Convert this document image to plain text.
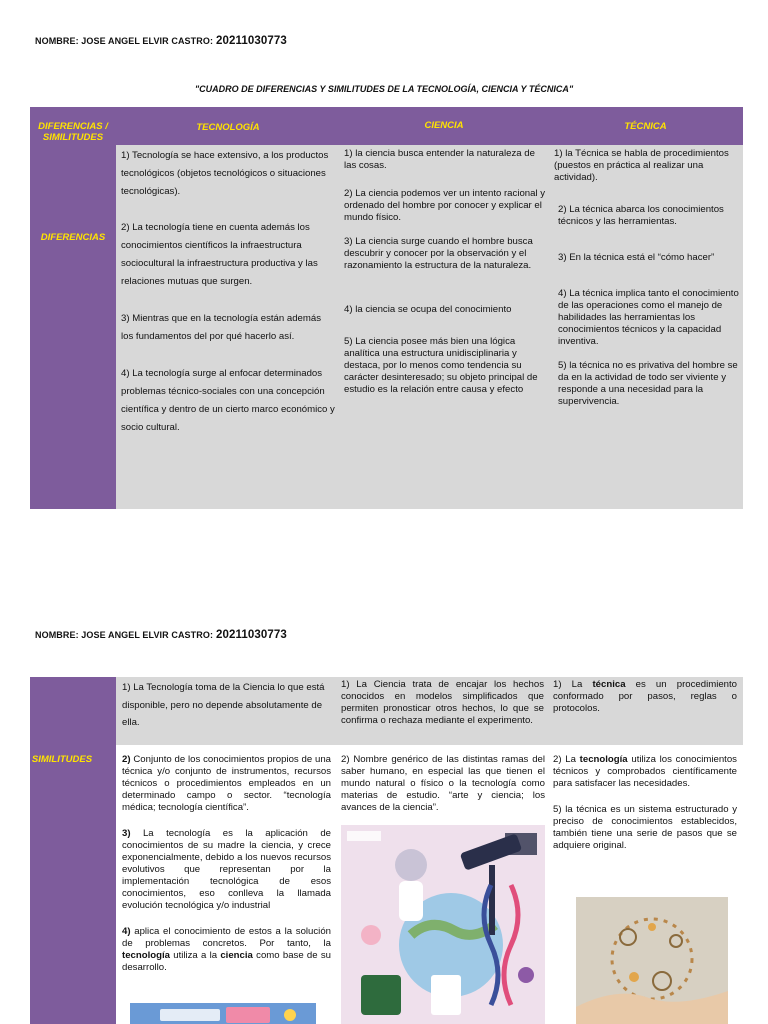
NOMBRE: JOSE ANGEL ELVIR CASTRO: 20211030773
"CUADRO DE DIFERENCIAS Y SIMILITUDES DE LA TECNOLOGÍA, CIENCIA Y TÉCNICA"
DIFERENCIAS / SIMILITUDES
TECNOLOGÍA	CIENCIA	TÉCNICA
DIFERENCIAS

1) Tecnología se hace extensivo, a los productos tecnológicos (objetos tecnológicos o situaciones tecnológicas).

2) La tecnología tiene en cuenta además los conocimientos científicos la infraestructura sociocultural la infraestructura productiva y las relaciones mutuas que surgen.

3) Mientras que en la tecnología están además los fundamentos del por qué hacerlo así.

4) La tecnología surge al enfocar determinados problemas técnico-sociales con una concepción científica y dentro de un cierto marco económico y socio cultural.

1) la ciencia busca entender la naturaleza de las cosas.

2) La ciencia podemos ver un intento racional y ordenado del hombre por conocer y explicar el mundo físico.

3) La ciencia surge cuando el hombre busca descubrir y conocer por la observación y el razonamiento la estructura de la naturaleza.

4) la ciencia se ocupa del conocimiento

5) La ciencia posee más bien una lógica analítica una estructura unidisciplinaria y destaca, por lo menos como tendencia su carácter desinteresado; su objeto principal de estudio es la relación entre causa y efecto

1) la Técnica se habla de procedimientos (puestos en práctica al realizar una actividad).

2) La técnica abarca los conocimientos técnicos y las herramientas.

3) En la técnica está el “cómo hacer”

4) La técnica implica tanto el conocimiento de las operaciones como el manejo de habilidades las herramientas los conocimientos técnicos y la capacidad inventiva.

5) la técnica no es privativa del hombre se da en la actividad de todo ser viviente y responde a una necesidad para la supervivencia.

NOMBRE: JOSE ANGEL ELVIR CASTRO: 20211030773
SIMILITUDES

1) La Tecnología toma de la Ciencia lo que está disponible, pero no depende absolutamente de ella.

1) La Ciencia trata de encajar los hechos conocidos en modelos simplificados que permiten pronosticar otros hechos, lo que se confirma o rechaza mediante el experimento.

1) La técnica es un procedimiento conformado por pasos, reglas o protocolos.

2) Conjunto de los conocimientos propios de una técnica y/o conjunto de instrumentos, recursos técnicos o procedimientos empleados en un determinado campo o sector. “tecnología médica; tecnología científica”.

3) La tecnología es la aplicación de conocimientos de su madre la ciencia, y crece exponencialmente, debido a los nuevos recursos evolutivos que representan por la implementación tecnológica de esos conocimientos, eso conlleva la llamada evolución tecnológica y/o industrial

4) aplica el conocimiento de estos a la solución de problemas concretos. Por tanto, la tecnología utiliza a la ciencia como base de su desarrollo.

2) Nombre genérico de las distintas ramas del saber humano, en especial las que tienen el mundo natural o físico o la tecnología como materias de estudio. “arte y ciencia; los avances de la ciencia”.

2) La tecnología utiliza los conocimientos técnicos y comprobados científicamente para satisfacer las necesidades.

5) la técnica es un sistema estructurado y preciso de conocimientos establecidos, también tiene una serie de pasos que se adquiere original.
